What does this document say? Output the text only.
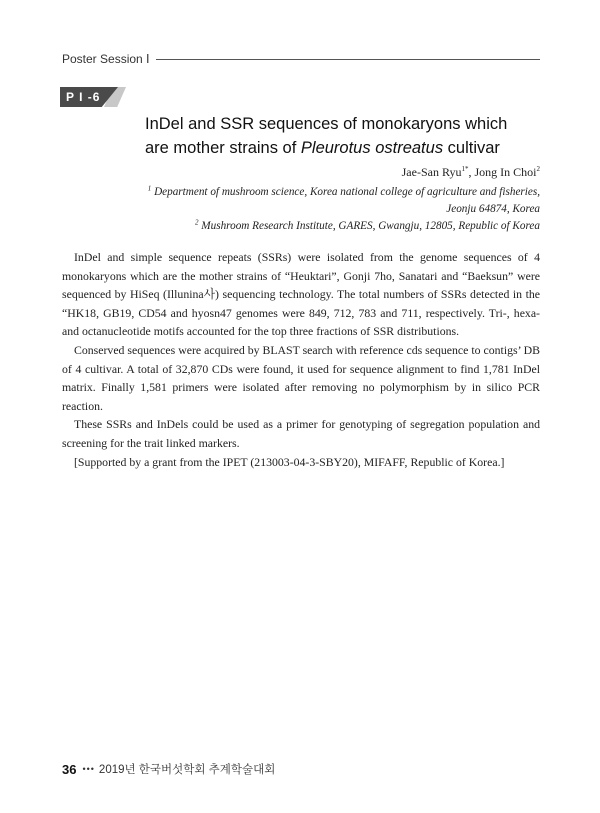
Poster Session Ⅰ
P I -6
InDel and SSR sequences of monokaryons which
are mother strains of Pleurotus ostreatus cultivar
Jae-San Ryu$^{1*}$, Jong In Choi$^2$
$^1$ Department of mushroom science, Korea national college of agriculture and fisheries,
Jeonju 64874, Korea
$^2$ Mushroom Research Institute, GARES, Gwangju, 12805, Republic of Korea

InDel and simple sequence repeats (SSRs) were isolated from the genome sequences of 4 monokaryons which are the mother strains of “Heuktari”, Gonji 7ho, Sanatari and “Baeksun” were sequenced by HiSeq (Illunina사) sequencing technology. The total numbers of SSRs detected in the “HK18, GB19, CD54 and hyosn47 genomes were 849, 712, 783 and 711, respectively. Tri-, hexa- and octanucleotide motifs accounted for the top three fractions of SSR distributions.

Conserved sequences were acquired by BLAST search with reference cds sequence to contigs’ DB of 4 cultivar. A total of 32,870 CDs were found, it used for sequence alignment to find 1,781 InDel matrix. Finally 1,581 primers were isolated after removing no polymorphism by in silico PCR reaction.

These SSRs and InDels could be used as a primer for genotyping of segregation population and screening for the trait linked markers.

[Supported by a grant from the IPET (213003-04-3-SBY20), MIFAFF, Republic of Korea.]

36 ••• 2019년 한국버섯학회 추계학술대회
